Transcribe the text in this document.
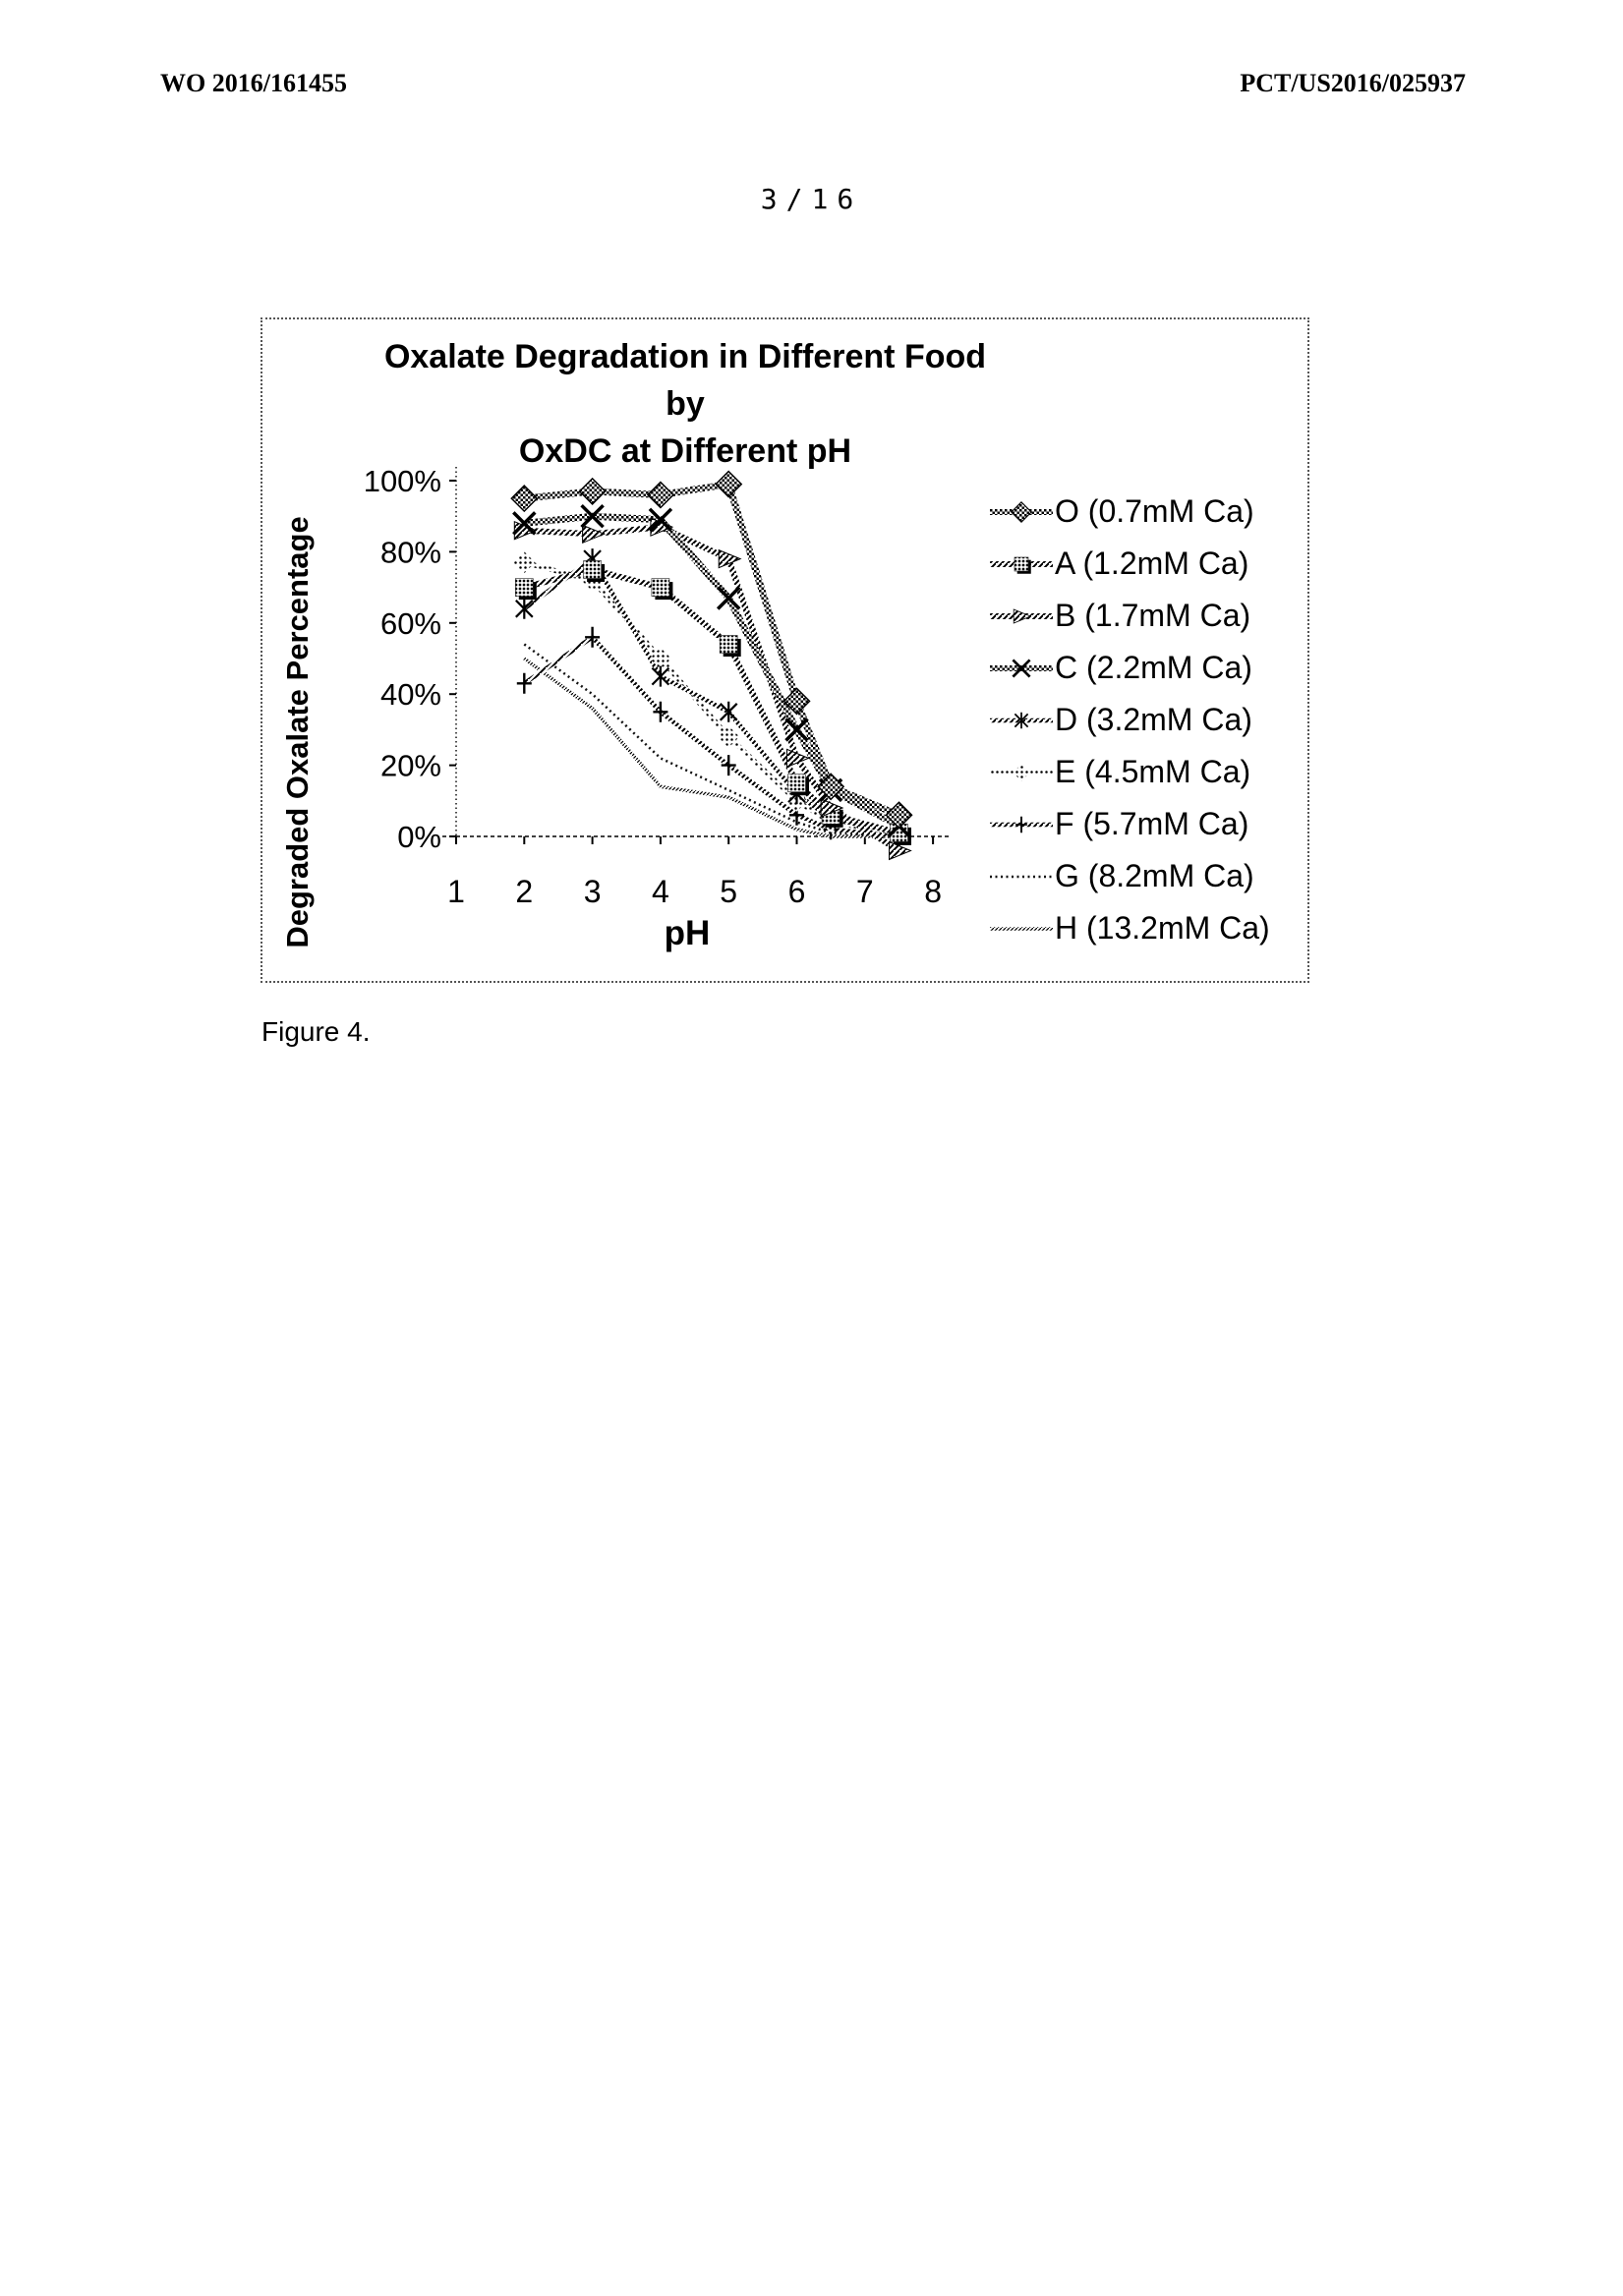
WO 2016/161455	PCT/US2016/025937
3/16
0%
20%
40%
60%
80%
100%
1 2 3 4 5 6 7 8
Oxalate Degradation in Different Food by
OxDC at Different pH
Degraded Oxalate Percentage	pH
O (0.7mM Ca)
A (1.2mM Ca)
B (1.7mM Ca)
C (2.2mM Ca)
D (3.2mM Ca)
E (4.5mM Ca)
F (5.7mM Ca)
G (8.2mM Ca)
H (13.2mM Ca)
Figure 4.
